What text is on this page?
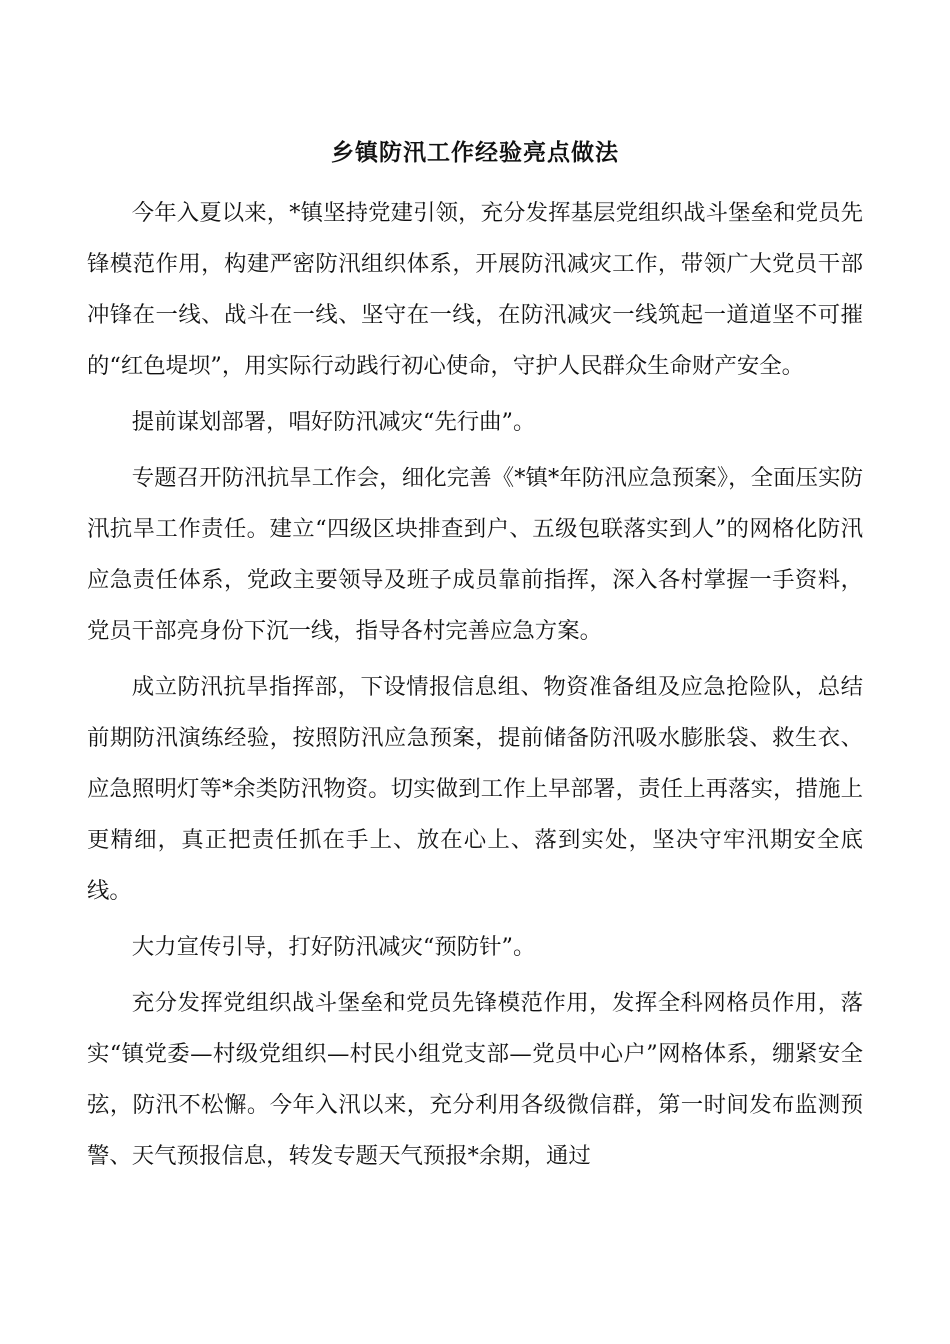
乡镇防汛工作经验亮点做法

今年入夏以来，*镇坚持党建引领，充分发挥基层党组织战斗堡垒和党员先锋模范作用，构建严密防汛组织体系，开展防汛减灾工作，带领广大党员干部冲锋在一线、战斗在一线、坚守在一线，在防汛减灾一线筑起一道道坚不可摧的“红色堤坝”，用实际行动践行初心使命，守护人民群众生命财产安全。

提前谋划部署，唱好防汛减灾“先行曲”。

专题召开防汛抗旱工作会，细化完善《*镇*年防汛应急预案》，全面压实防汛抗旱工作责任。建立“四级区块排查到户、五级包联落实到人”的网格化防汛应急责任体系，党政主要领导及班子成员靠前指挥，深入各村掌握一手资料，党员干部亮身份下沉一线，指导各村完善应急方案。

成立防汛抗旱指挥部，下设情报信息组、物资准备组及应急抢险队，总结前期防汛演练经验，按照防汛应急预案，提前储备防汛吸水膨胀袋、救生衣、应急照明灯等*余类防汛物资。切实做到工作上早部署，责任上再落实，措施上更精细，真正把责任抓在手上、放在心上、落到实处，坚决守牢汛期安全底线。

大力宣传引导，打好防汛减灾“预防针”。

充分发挥党组织战斗堡垒和党员先锋模范作用，发挥全科网格员作用，落实“镇党委—村级党组织—村民小组党支部—党员中心户”网格体系，绷紧安全弦，防汛不松懈。今年入汛以来，充分利用各级微信群，第一时间发布监测预警、天气预报信息，转发专题天气预报*余期，通过
